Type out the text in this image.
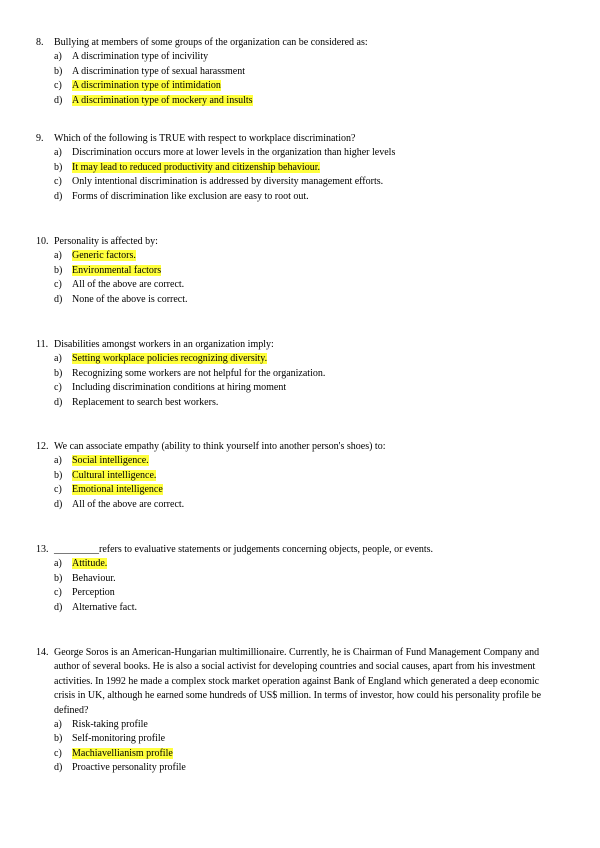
8. Bullying at members of some groups of the organization can be considered as:
a) A discrimination type of incivility
b) A discrimination type of sexual harassment
c) A discrimination type of intimidation
d) A discrimination type of mockery and insults
9. Which of the following is TRUE with respect to workplace discrimination?
a) Discrimination occurs more at lower levels in the organization than higher levels
b) It may lead to reduced productivity and citizenship behaviour.
c) Only intentional discrimination is addressed by diversity management efforts.
d) Forms of discrimination like exclusion are easy to root out.
10. Personality is affected by:
a) Generic factors.
b) Environmental factors
c) All of the above are correct.
d) None of the above is correct.
11. Disabilities amongst workers in an organization imply:
a) Setting workplace policies recognizing diversity.
b) Recognizing some workers are not helpful for the organization.
c) Including discrimination conditions at hiring moment
d) Replacement to search best workers.
12. We can associate empathy (ability to think yourself into another person's shoes) to:
a) Social intelligence.
b) Cultural intelligence.
c) Emotional intelligence
d) All of the above are correct.
13. _________refers to evaluative statements or judgements concerning objects, people, or events.
a) Attitude.
b) Behaviour.
c) Perception
d) Alternative fact.
14. George Soros is an American-Hungarian multimillionaire. Currently, he is Chairman of Fund Management Company and author of several books. He is also a social activist for developing countries and social causes, apart from his investment activities. In 1992 he made a complex stock market operation against Bank of England which generated a deep economic crisis in UK, although he earned some hundreds of US$ million. In terms of investor, how could his personality profile be defined?
a) Risk-taking profile
b) Self-monitoring profile
c) Machiavellianism profile
d) Proactive personality profile
